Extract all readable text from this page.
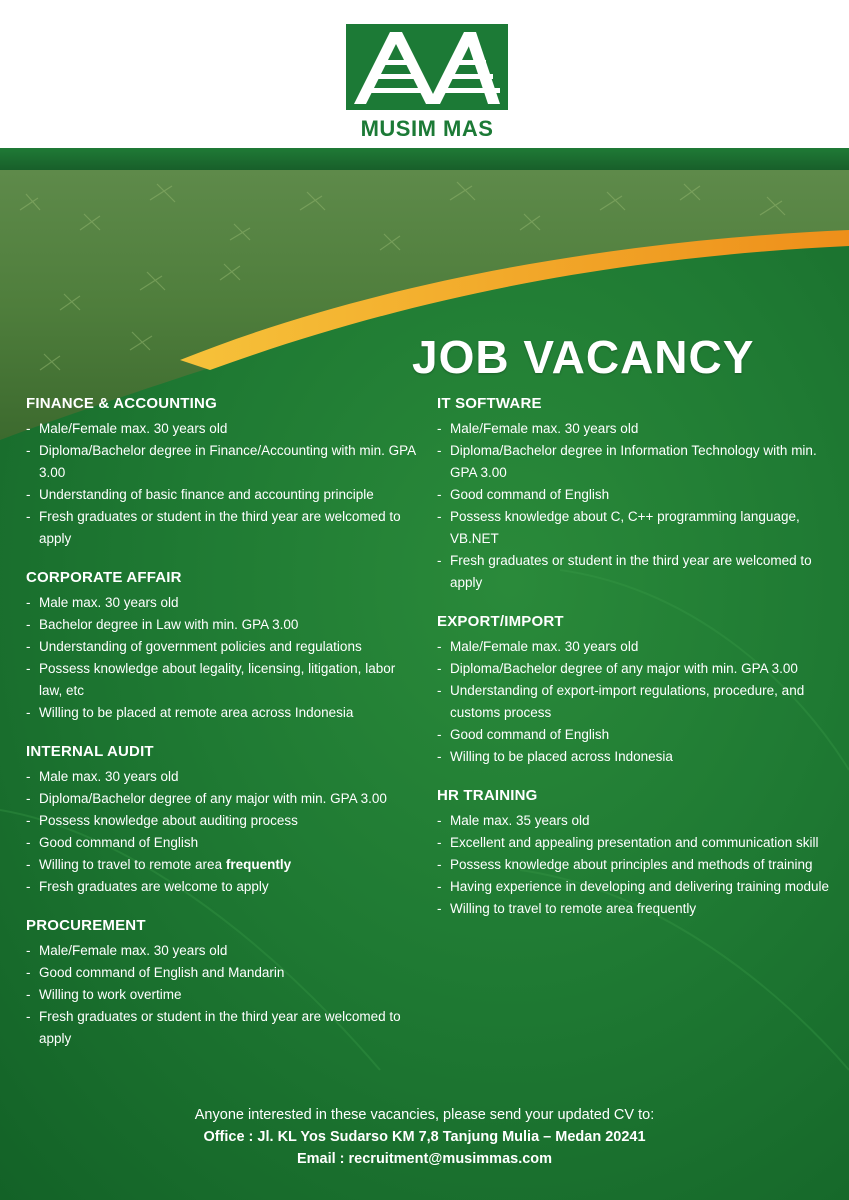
MUSIM MAS
JOB VACANCY
FINANCE & ACCOUNTING
- Male/Female max. 30 years old
- Diploma/Bachelor degree in Finance/Accounting with min. GPA 3.00
- Understanding of basic finance and accounting principle
- Fresh graduates or student in the third year are welcomed to apply
CORPORATE AFFAIR
- Male max. 30 years old
- Bachelor degree in Law with min. GPA 3.00
- Understanding of government policies and regulations
- Possess knowledge about legality, licensing, litigation, labor law, etc
- Willing to be placed at remote area across Indonesia
INTERNAL AUDIT
- Male max. 30 years old
- Diploma/Bachelor degree of any major with min. GPA 3.00
- Possess knowledge about auditing process
- Good command of English
- Willing to travel to remote area frequently
- Fresh graduates are welcome to apply
PROCUREMENT
- Male/Female max. 30 years old
- Good command of English and Mandarin
- Willing to work overtime
- Fresh graduates or student in the third year are welcomed to apply
IT SOFTWARE
- Male/Female max. 30 years old
- Diploma/Bachelor degree in Information Technology with min. GPA 3.00
- Good command of English
- Possess knowledge about C, C++ programming language, VB.NET
- Fresh graduates or student in the third year are welcomed to apply
EXPORT/IMPORT
- Male/Female max. 30 years old
- Diploma/Bachelor degree of any major with min. GPA 3.00
- Understanding of export-import regulations, procedure, and customs process
- Good command of English
- Willing to be placed across Indonesia
HR TRAINING
- Male max. 35 years old
- Excellent and appealing presentation and communication skill
- Possess knowledge about principles and methods of training
- Having experience in developing and delivering training module
- Willing to travel to remote area frequently
Anyone interested in these vacancies, please send your updated CV to:
Office : Jl. KL Yos Sudarso KM 7,8 Tanjung Mulia – Medan 20241
Email : recruitment@musimmas.com
